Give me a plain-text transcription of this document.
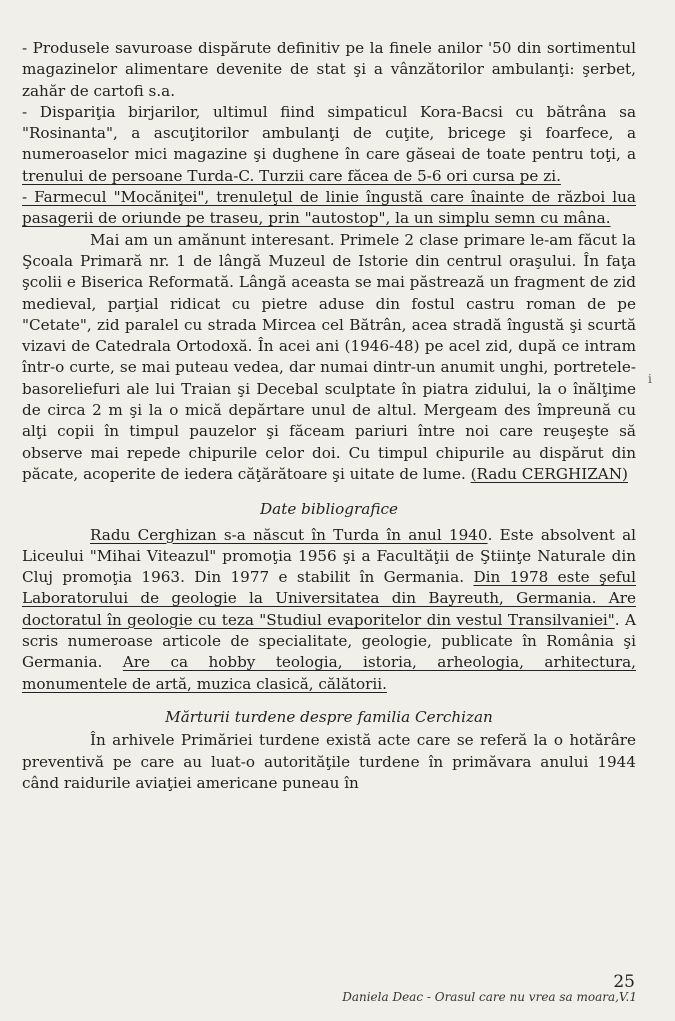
- Produsele savuroase dispărute definitiv pe la finele anilor '50 din sortimentul magazinelor alimentare devenite de stat şi a vânzătorilor ambulanţi: şerbet, zahăr de cartofi s.a.

- Dispariţia birjarilor, ultimul fiind simpaticul Kora-Bacsi cu bătrâna sa "Rosinanta", a ascuţitorilor ambulanţi de cuţite, bricege şi foarfece, a numeroaselor mici magazine şi dughene în care găseai de toate pentru toţi, a trenului de persoane Turda-C. Turzii care făcea de 5-6 ori cursa pe zi.

- Farmecul "Mocăniţei", trenuleţul de linie îngustă care înainte de război lua pasagerii de oriunde pe traseu, prin "autostop", la un simplu semn cu mâna.

Mai am un amănunt interesant. Primele 2 clase primare le-am făcut la Şcoala Primară nr. 1 de lângă Muzeul de Istorie din centrul oraşului. În faţa şcolii e Biserica Reformată. Lângă aceasta se mai păstrează un fragment de zid medieval, parţial ridicat cu pietre aduse din fostul castru roman de pe "Cetate", zid paralel cu strada Mircea cel Bătrân, acea stradă îngustă şi scurtă vizavi de Catedrala Ortodoxă. În acei ani (1946-48) pe acel zid, după ce intram într-o curte, se mai puteau vedea, dar numai dintr-un anumit unghi, portretele-basoreliefuri ale lui Traian şi Decebal sculptate în piatra zidului, la o înălţime de circa 2 m şi la o mică depărtare unul de altul. Mergeam des împreună cu alţi copii în timpul pauzelor şi făceam pariuri între noi care reuşeşte să observe mai repede chipurile celor doi. Cu timpul chipurile au dispărut din păcate, acoperite de iedera căţărătoare şi uitate de lume. (Radu CERGHIZAN)

Date bibliografice

Radu Cerghizan s-a născut în Turda în anul 1940. Este absolvent al Liceului "Mihai Viteazul" promoţia 1956 şi a Facultăţii de Ştiinţe Naturale din Cluj promoţia 1963. Din 1977 e stabilit în Germania. Din 1978 este şeful Laboratorului de geologie la Universitatea din Bayreuth, Germania. Are doctoratul în geologie cu teza "Studiul evaporitelor din vestul Transilvaniei". A scris numeroase articole de specialitate, geologie, publicate în România şi Germania. Are ca hobby teologia, istoria, arheologia, arhitectura, monumentele de artă, muzica clasică, călătorii.

Mărturii turdene despre familia Cerchizan

În arhivele Primăriei turdene există acte care se referă la o hotărâre preventivă pe care au luat-o autorităţile turdene în primăvara anului 1944 când raidurile aviaţiei americane puneau în

i
25
Daniela Deac - Orasul care nu vrea sa moara,V.1
